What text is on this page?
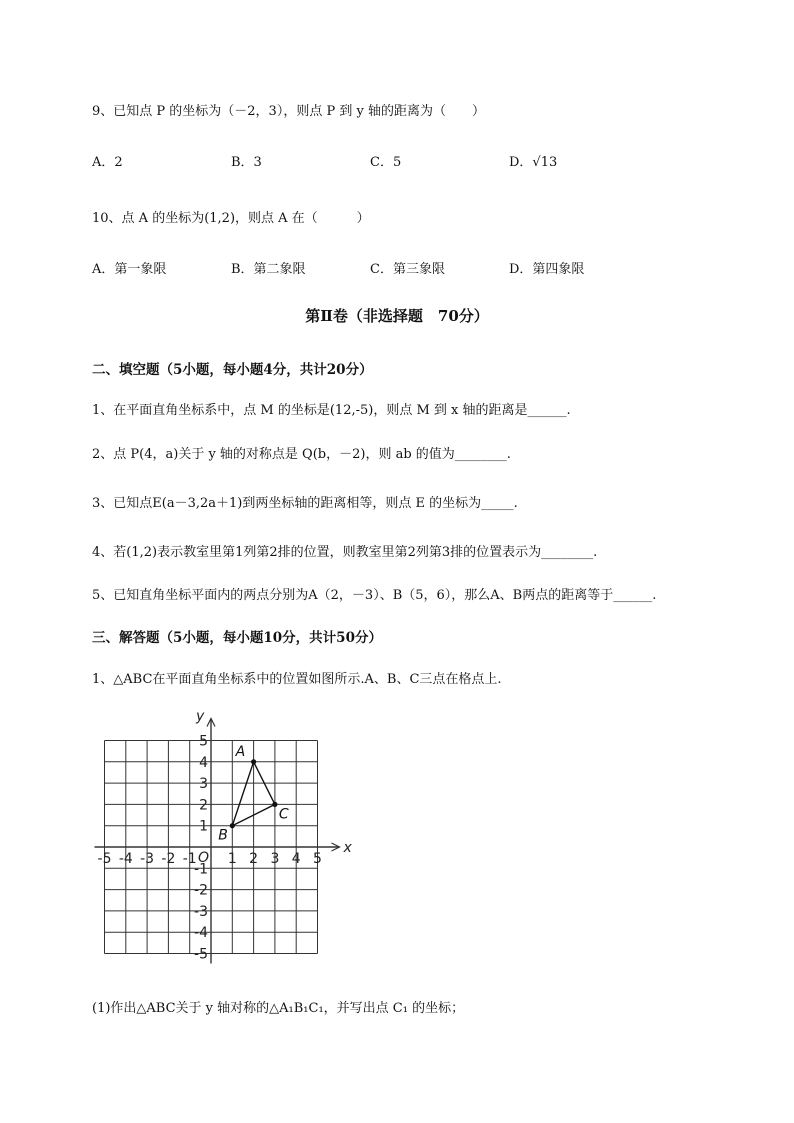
9、已知点 P 的坐标为（－2，3），则点 P 到 y 轴的距离为（　　）
A．2	B．3	C．5	D．√13
10、点 A 的坐标为(1,2)，则点 A 在（　　　）
A．第一象限	B．第二象限	C．第三象限	D．第四象限
第Ⅱ卷（非选择题　70分）
二、填空题（5小题，每小题4分，共计20分）
1、在平面直角坐标系中，点 M 的坐标是(12,-5)，则点 M 到 x 轴的距离是______.
2、点 P(4，a)关于 y 轴的对称点是 Q(b，－2)，则 ab 的值为________.
3、已知点E(a－3,2a＋1)到两坐标轴的距离相等，则点 E 的坐标为_____.
4、若(1,2)表示教室里第1列第2排的位置，则教室里第2列第3排的位置表示为________.
5、已知直角坐标平面内的两点分别为A（2，－3）、B（5，6），那么A、B两点的距离等于______.
三、解答题（5小题，每小题10分，共计50分）
1、△ABC在平面直角坐标系中的位置如图所示.A、B、C三点在格点上.
x
y
O
-5 -4 -3 -2 -1 1 2 3 4 5
5
4
3
2
1
-1
-2
-3
-4
-5
A
B
C
(1)作出△ABC关于 y 轴对称的△A₁B₁C₁，并写出点 C₁ 的坐标；
